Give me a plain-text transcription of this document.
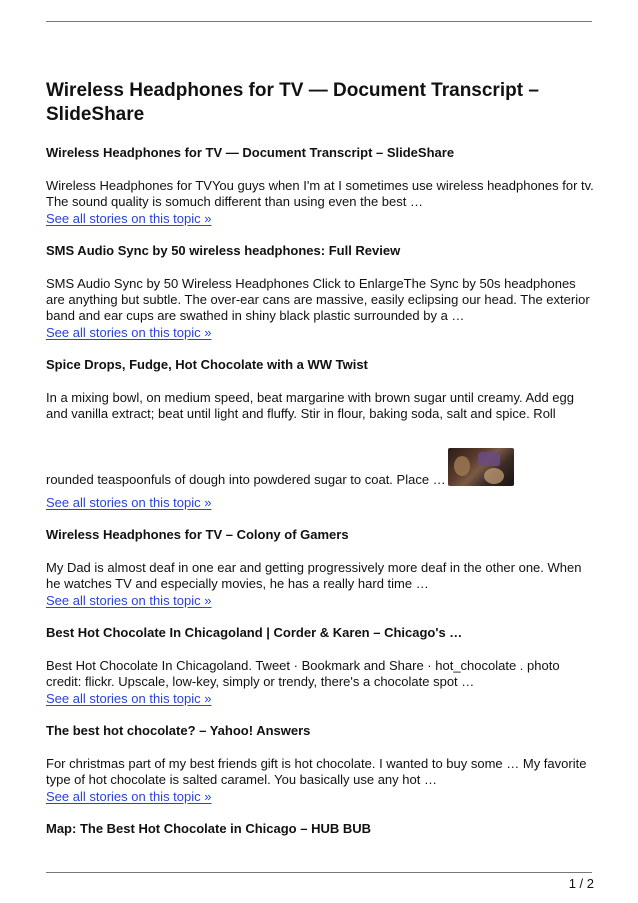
Wireless Headphones for TV — Document Transcript – SlideShare

Wireless Headphones for TV — Document Transcript – SlideShare

Wireless Headphones for TVYou guys when I'm at I sometimes use wireless headphones for tv. The sound quality is somuch different than using even the best …

See all stories on this topic »

SMS Audio Sync by 50 wireless headphones: Full Review

SMS Audio Sync by 50 Wireless Headphones Click to EnlargeThe Sync by 50s headphones are anything but subtle. The over-ear cans are massive, easily eclipsing our head. The exterior band and ear cups are swathed in shiny black plastic surrounded by a …

See all stories on this topic »

Spice Drops, Fudge, Hot Chocolate with a WW Twist

In a mixing bowl, on medium speed, beat margarine with brown sugar until creamy. Add egg and vanilla extract; beat until light and fluffy. Stir in flour, baking soda, salt and spice. Roll

rounded teaspoonfuls of dough into powdered sugar to coat. Place …

See all stories on this topic »

Wireless Headphones for TV – Colony of Gamers

My Dad is almost deaf in one ear and getting progressively more deaf in the other one. When he watches TV and especially movies, he has a really hard time …

See all stories on this topic »

Best Hot Chocolate In Chicagoland | Corder & Karen – Chicago's …

Best Hot Chocolate In Chicagoland. Tweet · Bookmark and Share · hot_chocolate . photo credit: flickr. Upscale, low-key, simply or trendy, there's a chocolate spot …

See all stories on this topic »

The best hot chocolate? – Yahoo! Answers

For christmas part of my best friends gift is hot chocolate. I wanted to buy some … My favorite type of hot chocolate is salted caramel. You basically use any hot …

See all stories on this topic »

Map: The Best Hot Chocolate in Chicago – HUB BUB

1 / 2
